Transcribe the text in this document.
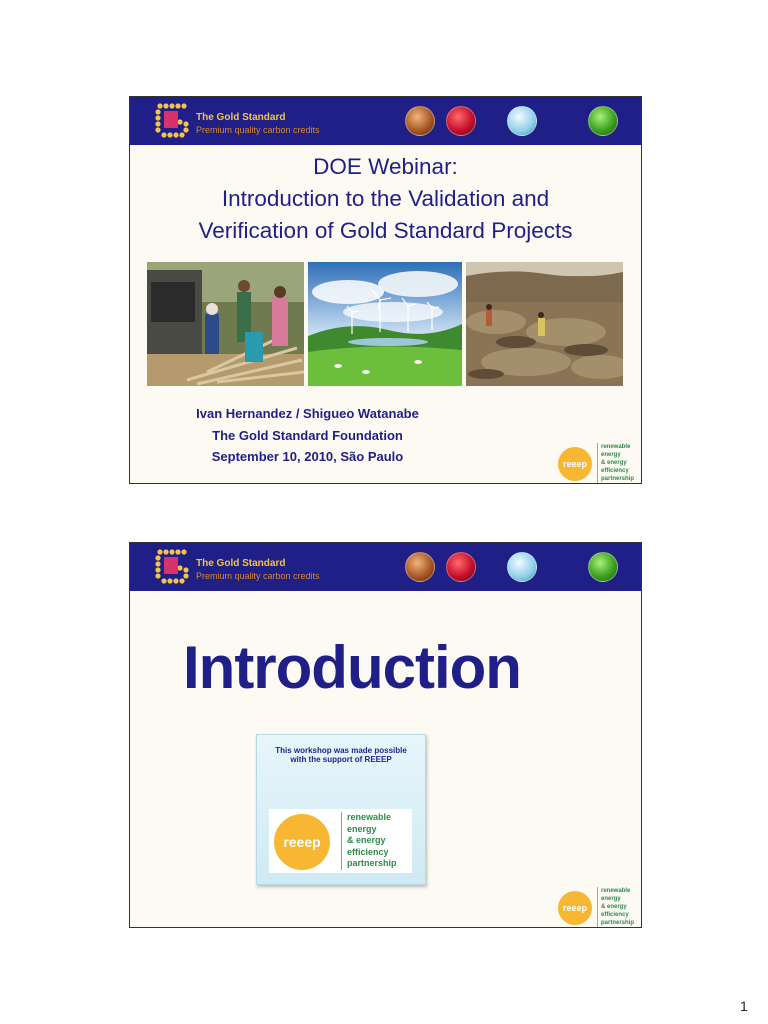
The Gold Standard
Premium quality carbon credits
DOE Webinar:
Introduction to the Validation and
Verification of Gold Standard Projects
Ivan Hernandez / Shigueo Watanabe
The Gold Standard Foundation
September 10, 2010, São Paulo	reeep
renewable
energy
& energy
efficiency
partnership
The Gold Standard
Premium quality carbon credits
Introduction
This workshop was made possible with the support of REEEP
reeep
renewable
energy
& energy
efficiency
partnership
reeep
renewable
energy
& energy
efficiency
partnership
1
